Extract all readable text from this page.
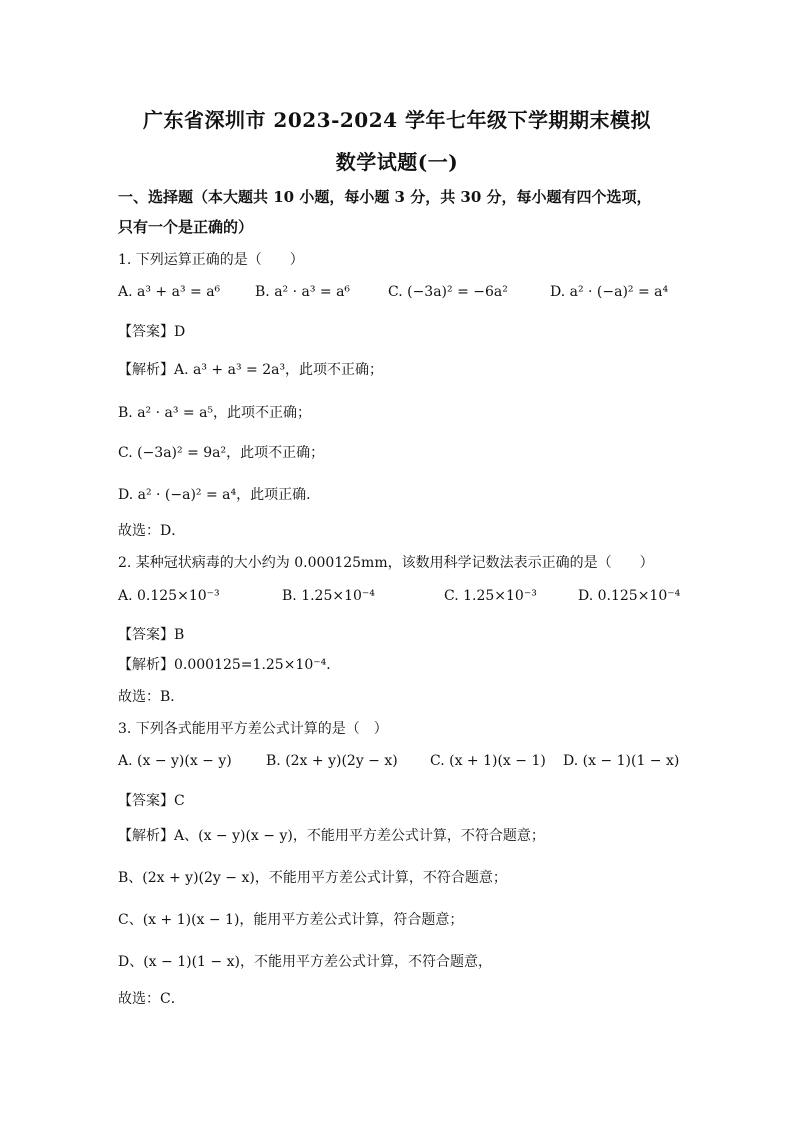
广东省深圳市 2023-2024 学年七年级下学期期末模拟
数学试题(一)
一、选择题（本大题共 10 小题，每小题 3 分，共 30 分，每小题有四个选项，
只有一个是正确的）
1. 下列运算正确的是（　　）
A. a³ + a³ = a⁶ B. a² · a³ = a⁶	C. (−3a)² = −6a²	D. a² · (−a)² = a⁴
【答案】D
【解析】A. a³ + a³ = 2a³，此项不正确；
B. a² · a³ = a⁵，此项不正确；
C. (−3a)² = 9a²，此项不正确；
D. a² · (−a)² = a⁴，此项正确．
故选：D．
2. 某种冠状病毒的大小约为 0.000125mm，该数用科学记数法表示正确的是（　　）
A. 0.125×10⁻³	B. 1.25×10⁻⁴	C. 1.25×10⁻³	D. 0.125×10⁻⁴
【答案】B
【解析】0.000125=1.25×10⁻⁴．
故选：B．
3. 下列各式能用平方差公式计算的是（　）
A. (x − y)(x − y) B. (2x + y)(2y − x) C. (x + 1)(x − 1) D. (x − 1)(1 − x)
【答案】C
【解析】A、(x − y)(x − y)，不能用平方差公式计算，不符合题意；
B、(2x + y)(2y − x)，不能用平方差公式计算，不符合题意；
C、(x + 1)(x − 1)，能用平方差公式计算，符合题意；
D、(x − 1)(1 − x)，不能用平方差公式计算，不符合题意，
故选：C．
